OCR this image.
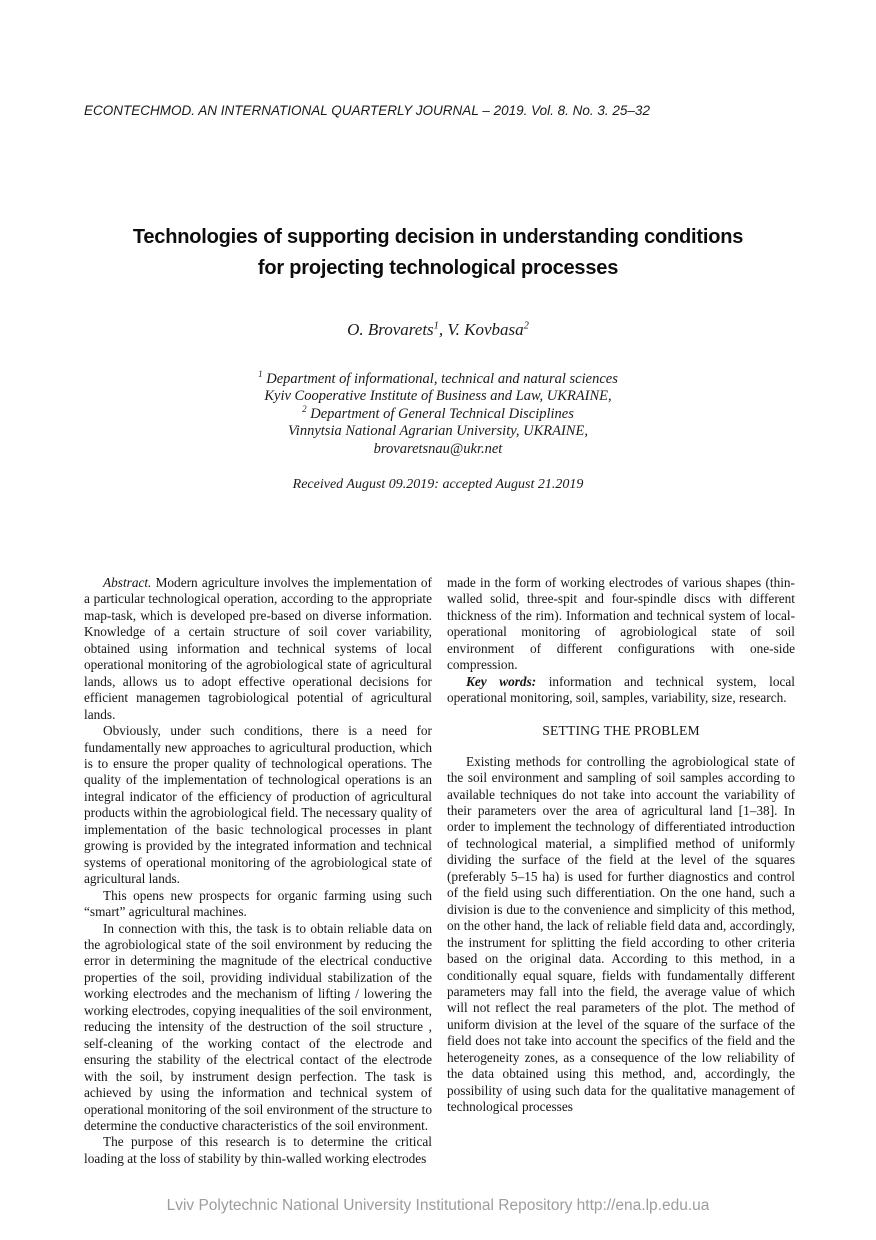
ECONTECHMOD. AN INTERNATIONAL QUARTERLY JOURNAL – 2019. Vol. 8. No. 3. 25–32
Technologies of supporting decision in understanding conditions
for projecting technological processes
O. Brovarets$^1$, V. Kovbasa$^2$
$^1$ Department of informational, technical and natural sciences
Kyiv Cooperative Institute of Business and Law, UKRAINE,
$^2$ Department of General Technical Disciplines
Vinnytsia National Agrarian University, UKRAINE,
brovaretsnau@ukr.net
Received August 09.2019: accepted August 21.2019

Abstract. Modern agriculture involves the implementation of a particular technological operation, according to the appropriate map-task, which is developed pre-based on diverse information. Knowledge of a certain structure of soil cover variability, obtained using information and technical systems of local operational monitoring of the agrobiological state of agricultural lands, allows us to adopt effective operational decisions for efficient managemen tagrobiological potential of agricultural lands.

Obviously, under such conditions, there is a need for fundamentally new approaches to agricultural production, which is to ensure the proper quality of technological operations. The quality of the implementation of technological operations is an integral indicator of the efficiency of production of agricultural products within the agrobiological field. The necessary quality of implementation of the basic technological processes in plant growing is provided by the integrated information and technical systems of operational monitoring of the agrobiological state of agricultural lands.

This opens new prospects for organic farming using such “smart” agricultural machines.

In connection with this, the task is to obtain reliable data on the agrobiological state of the soil environment by reducing the error in determining the magnitude of the electrical conductive properties of the soil, providing individual stabilization of the working electrodes and the mechanism of lifting / lowering the working electrodes, copying inequalities of the soil environment, reducing the intensity of the destruction of the soil structure , self-cleaning of the working contact of the electrode and ensuring the stability of the electrical contact of the electrode with the soil, by instrument design perfection. The task is achieved by using the information and technical system of operational monitoring of the soil environment of the structure to determine the conductive characteristics of the soil environment.

The purpose of this research is to determine the critical loading at the loss of stability by thin-walled working electrodes

made in the form of working electrodes of various shapes (thin-walled solid, three-spit and four-spindle discs with different thickness of the rim). Information and technical system of local-operational monitoring of agrobiological state of soil environment of different configurations with one-side compression.

Key words: information and technical system, local operational monitoring, soil, samples, variability, size, research.

SETTING THE PROBLEM

Existing methods for controlling the agrobiological state of the soil environment and sampling of soil samples according to available techniques do not take into account the variability of their parameters over the area of agricultural land [1–38]. In order to implement the technology of differentiated introduction of technological material, a simplified method of uniformly dividing the surface of the field at the level of the squares (preferably 5–15 ha) is used for further diagnostics and control of the field using such differentiation. On the one hand, such a division is due to the convenience and simplicity of this method, on the other hand, the lack of reliable field data and, accordingly, the instrument for splitting the field according to other criteria based on the original data. According to this method, in a conditionally equal square, fields with fundamentally different parameters may fall into the field, the average value of which will not reflect the real parameters of the plot. The method of uniform division at the level of the square of the surface of the field does not take into account the specifics of the field and the heterogeneity zones, as a consequence of the low reliability of the data obtained using this method, and, accordingly, the possibility of using such data for the qualitative management of technological processes

Lviv Polytechnic National University Institutional Repository http://ena.lp.edu.ua
